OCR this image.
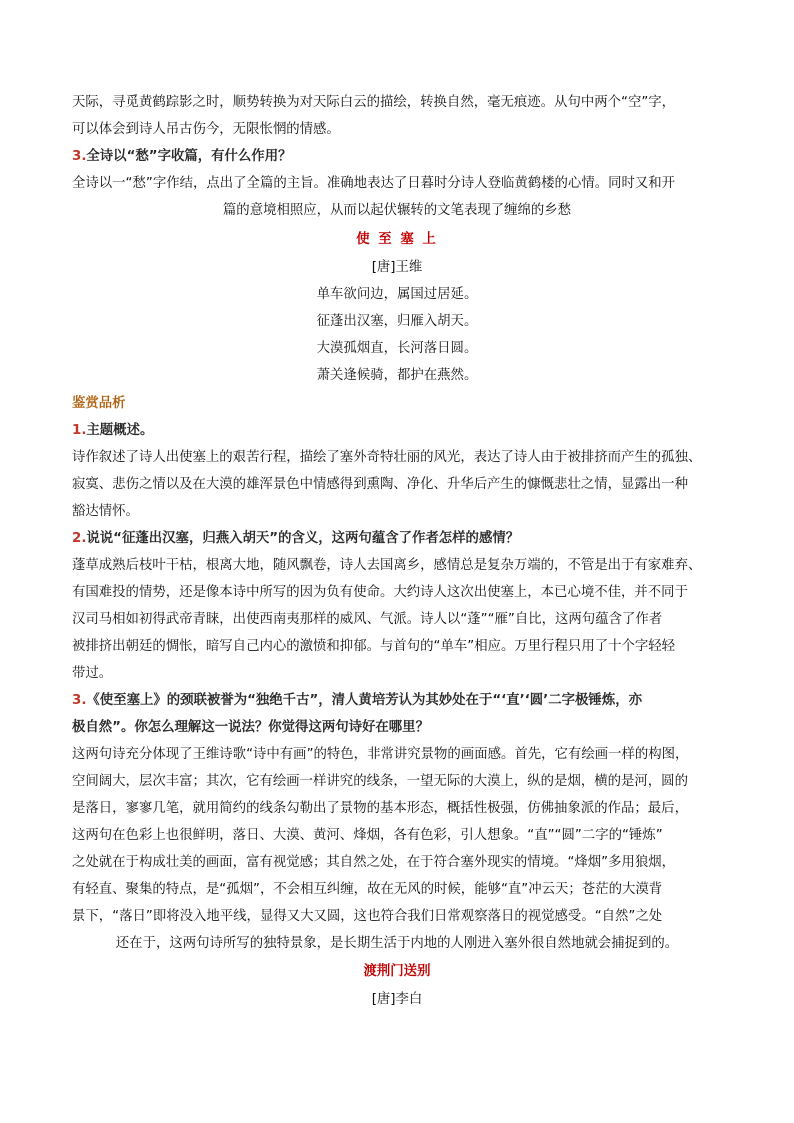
天际，寻觅黄鹤踪影之时，顺势转换为对天际白云的描绘，转换自然，毫无痕迹。从句中两个“空”字，
可以体会到诗人吊古伤今，无限怅惘的情感。
3.全诗以“愁”字收篇，有什么作用？
全诗以一“愁”字作结，点出了全篇的主旨。准确地表达了日暮时分诗人登临黄鹤楼的心情。同时又和开
篇的意境相照应，从而以起伏辗转的文笔表现了缠绵的乡愁
使 至 塞 上
[唐]王维
单车欲问边，属国过居延。
征蓬出汉塞，归雁入胡天。
大漠孤烟直，长河落日圆。
萧关逢候骑，都护在燕然。
鉴赏品析
1.主题概述。
诗作叙述了诗人出使塞上的艰苦行程，描绘了塞外奇特壮丽的风光，表达了诗人由于被排挤而产生的孤独、
寂寞、悲伤之情以及在大漠的雄浑景色中情感得到熏陶、净化、升华后产生的慷慨悲壮之情，显露出一种
豁达情怀。
2.说说“征蓬出汉塞，归燕入胡天”的含义，这两句蕴含了作者怎样的感情？
蓬草成熟后枝叶干枯，根离大地，随风飘卷，诗人去国离乡，感情总是复杂万端的，不管是出于有家难弃、
有国难投的情势，还是像本诗中所写的因为负有使命。大约诗人这次出使塞上，本已心境不佳，并不同于
汉司马相如初得武帝青睐，出使西南夷那样的威风、气派。诗人以“蓬”“雁”自比，这两句蕴含了作者
被排挤出朝廷的惆怅，暗写自己内心的激愤和抑郁。与首句的“单车”相应。万里行程只用了十个字轻轻
带过。
3.《使至塞上》的颈联被誉为“独绝千古”，清人黄培芳认为其妙处在于“‘直’‘圆’二字极锤炼，亦
极自然”。你怎么理解这一说法？你觉得这两句诗好在哪里？
这两句诗充分体现了王维诗歌“诗中有画”的特色，非常讲究景物的画面感。首先，它有绘画一样的构图，
空间阔大，层次丰富；其次，它有绘画一样讲究的线条，一望无际的大漠上，纵的是烟，横的是河，圆的
是落日，寥寥几笔，就用简约的线条勾勒出了景物的基本形态，概括性极强，仿佛抽象派的作品；最后，
这两句在色彩上也很鲜明，落日、大漠、黄河、烽烟，各有色彩，引人想象。“直”“圆”二字的“锤炼”
之处就在于构成壮美的画面，富有视觉感；其自然之处，在于符合塞外现实的情境。“烽烟”多用狼烟，
有轻直、聚集的特点，是“孤烟”，不会相互纠缠，故在无风的时候，能够“直”冲云天；苍茫的大漠背
景下，“落日”即将没入地平线，显得又大又圆，这也符合我们日常观察落日的视觉感受。“自然”之处
还在于，这两句诗所写的独特景象，是长期生活于内地的人刚进入塞外很自然地就会捕捉到的。
渡荆门送别
[唐]李白
